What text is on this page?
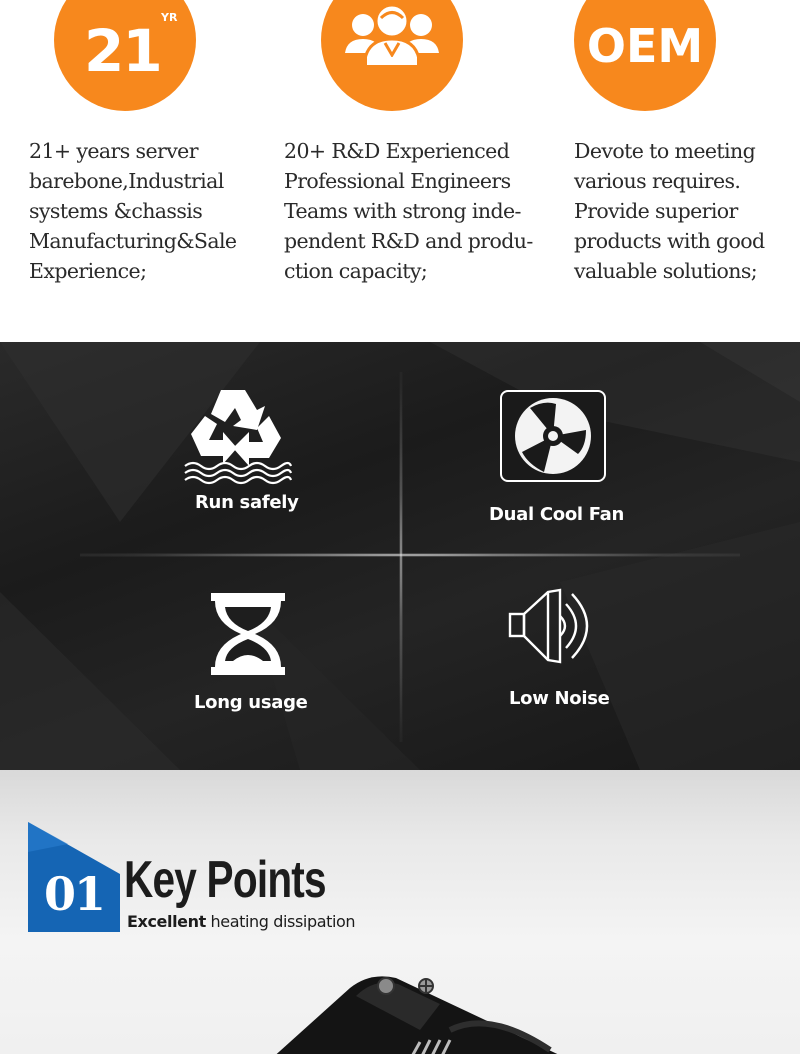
21 YR
OEM
21+ years server
barebone,Industrial
systems &chassis
Manufacturing&Sale
Experience;
20+ R&D Experienced
Professional Engineers
Teams with strong inde-
pendent R&D and produ-
ction capacity;
Devote to meeting
various requires.
Provide superior
products with good
valuable solutions;
Run safely
Dual Cool Fan
Long usage	Low Noise
01 Key Points
Excellent heating dissipation
